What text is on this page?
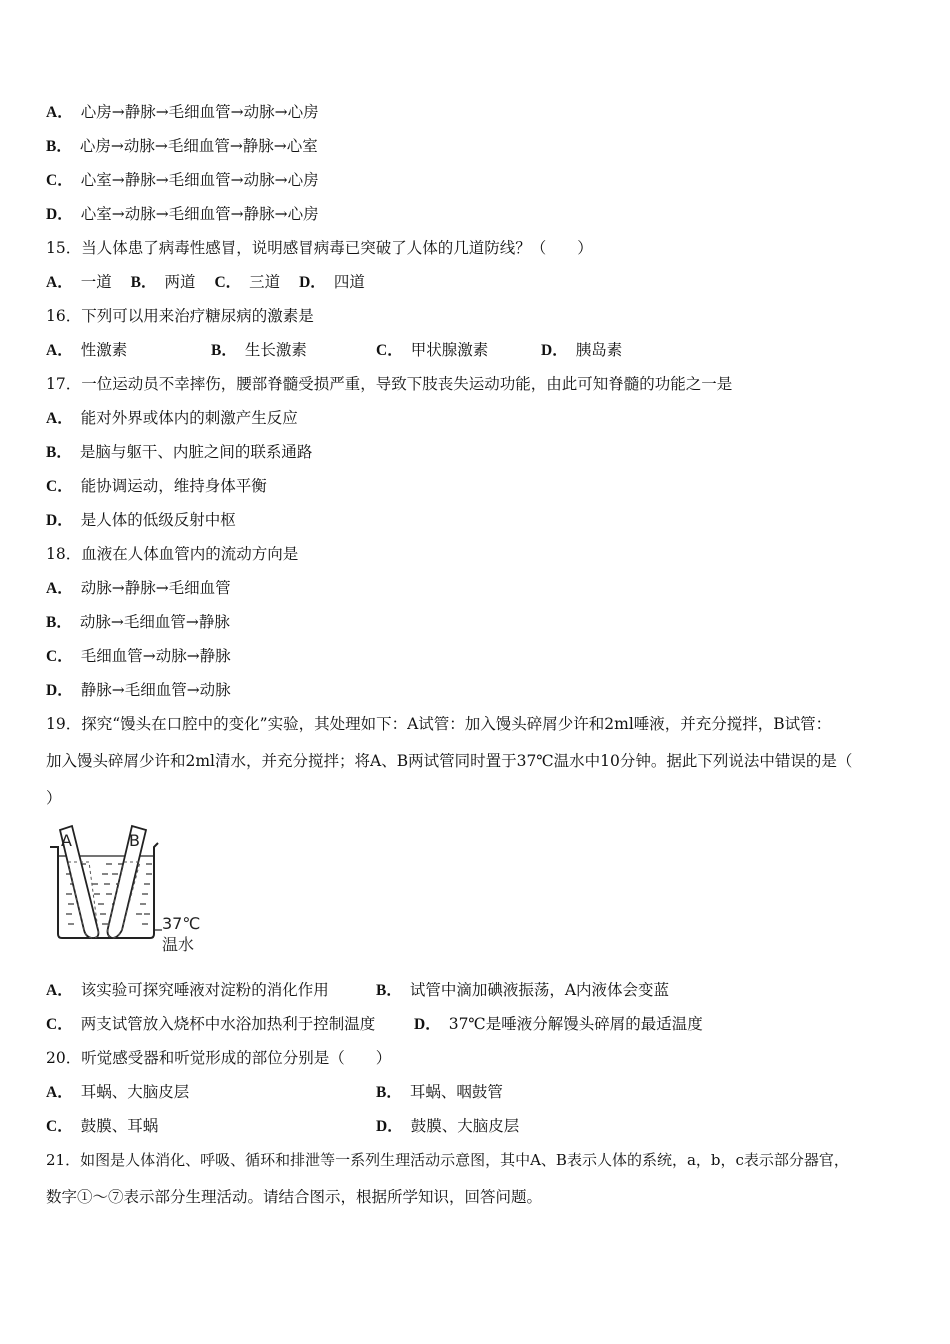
A． 心房→静脉→毛细血管→动脉→心房
B． 心房→动脉→毛细血管→静脉→心室
C． 心室→静脉→毛细血管→动脉→心房
D． 心室→动脉→毛细血管→静脉→心房
15．当人体患了病毒性感冒，说明感冒病毒已突破了人体的几道防线？（　　）
A． 一道 B． 两道 C． 三道 D． 四道
16．下列可以用来治疗糖尿病的激素是
A． 性激素	B． 生长激素	C． 甲状腺激素	D． 胰岛素
17．一位运动员不幸摔伤，腰部脊髓受损严重，导致下肢丧失运动功能，由此可知脊髓的功能之一是
A． 能对外界或体内的刺激产生反应
B． 是脑与躯干、内脏之间的联系通路
C． 能协调运动，维持身体平衡
D． 是人体的低级反射中枢
18．血液在人体血管内的流动方向是
A． 动脉→静脉→毛细血管
B． 动脉→毛细血管→静脉
C． 毛细血管→动脉→静脉
D． 静脉→毛细血管→动脉
19．探究“馒头在口腔中的变化”实验，其处理如下：A试管：加入馒头碎屑少许和2ml唾液，并充分搅拌，B试管：
加入馒头碎屑少许和2ml清水，并充分搅拌；将A、B两试管同时置于37℃温水中10分钟。据此下列说法中错误的是（
）
A	B
37℃
温水
A． 该实验可探究唾液对淀粉的消化作用	B． 试管中滴加碘液振荡，A内液体会变蓝
C． 两支试管放入烧杯中水浴加热利于控制温度	D． 37℃是唾液分解馒头碎屑的最适温度
20．听觉感受器和听觉形成的部位分别是（　　）
A． 耳蜗、大脑皮层	B． 耳蜗、咽鼓管
C． 鼓膜、耳蜗	D． 鼓膜、大脑皮层
21．如图是人体消化、呼吸、循环和排泄等一系列生理活动示意图，其中A、B表示人体的系统，a，b，c表示部分器官，
数字①～⑦表示部分生理活动。请结合图示，根据所学知识，回答问题。
